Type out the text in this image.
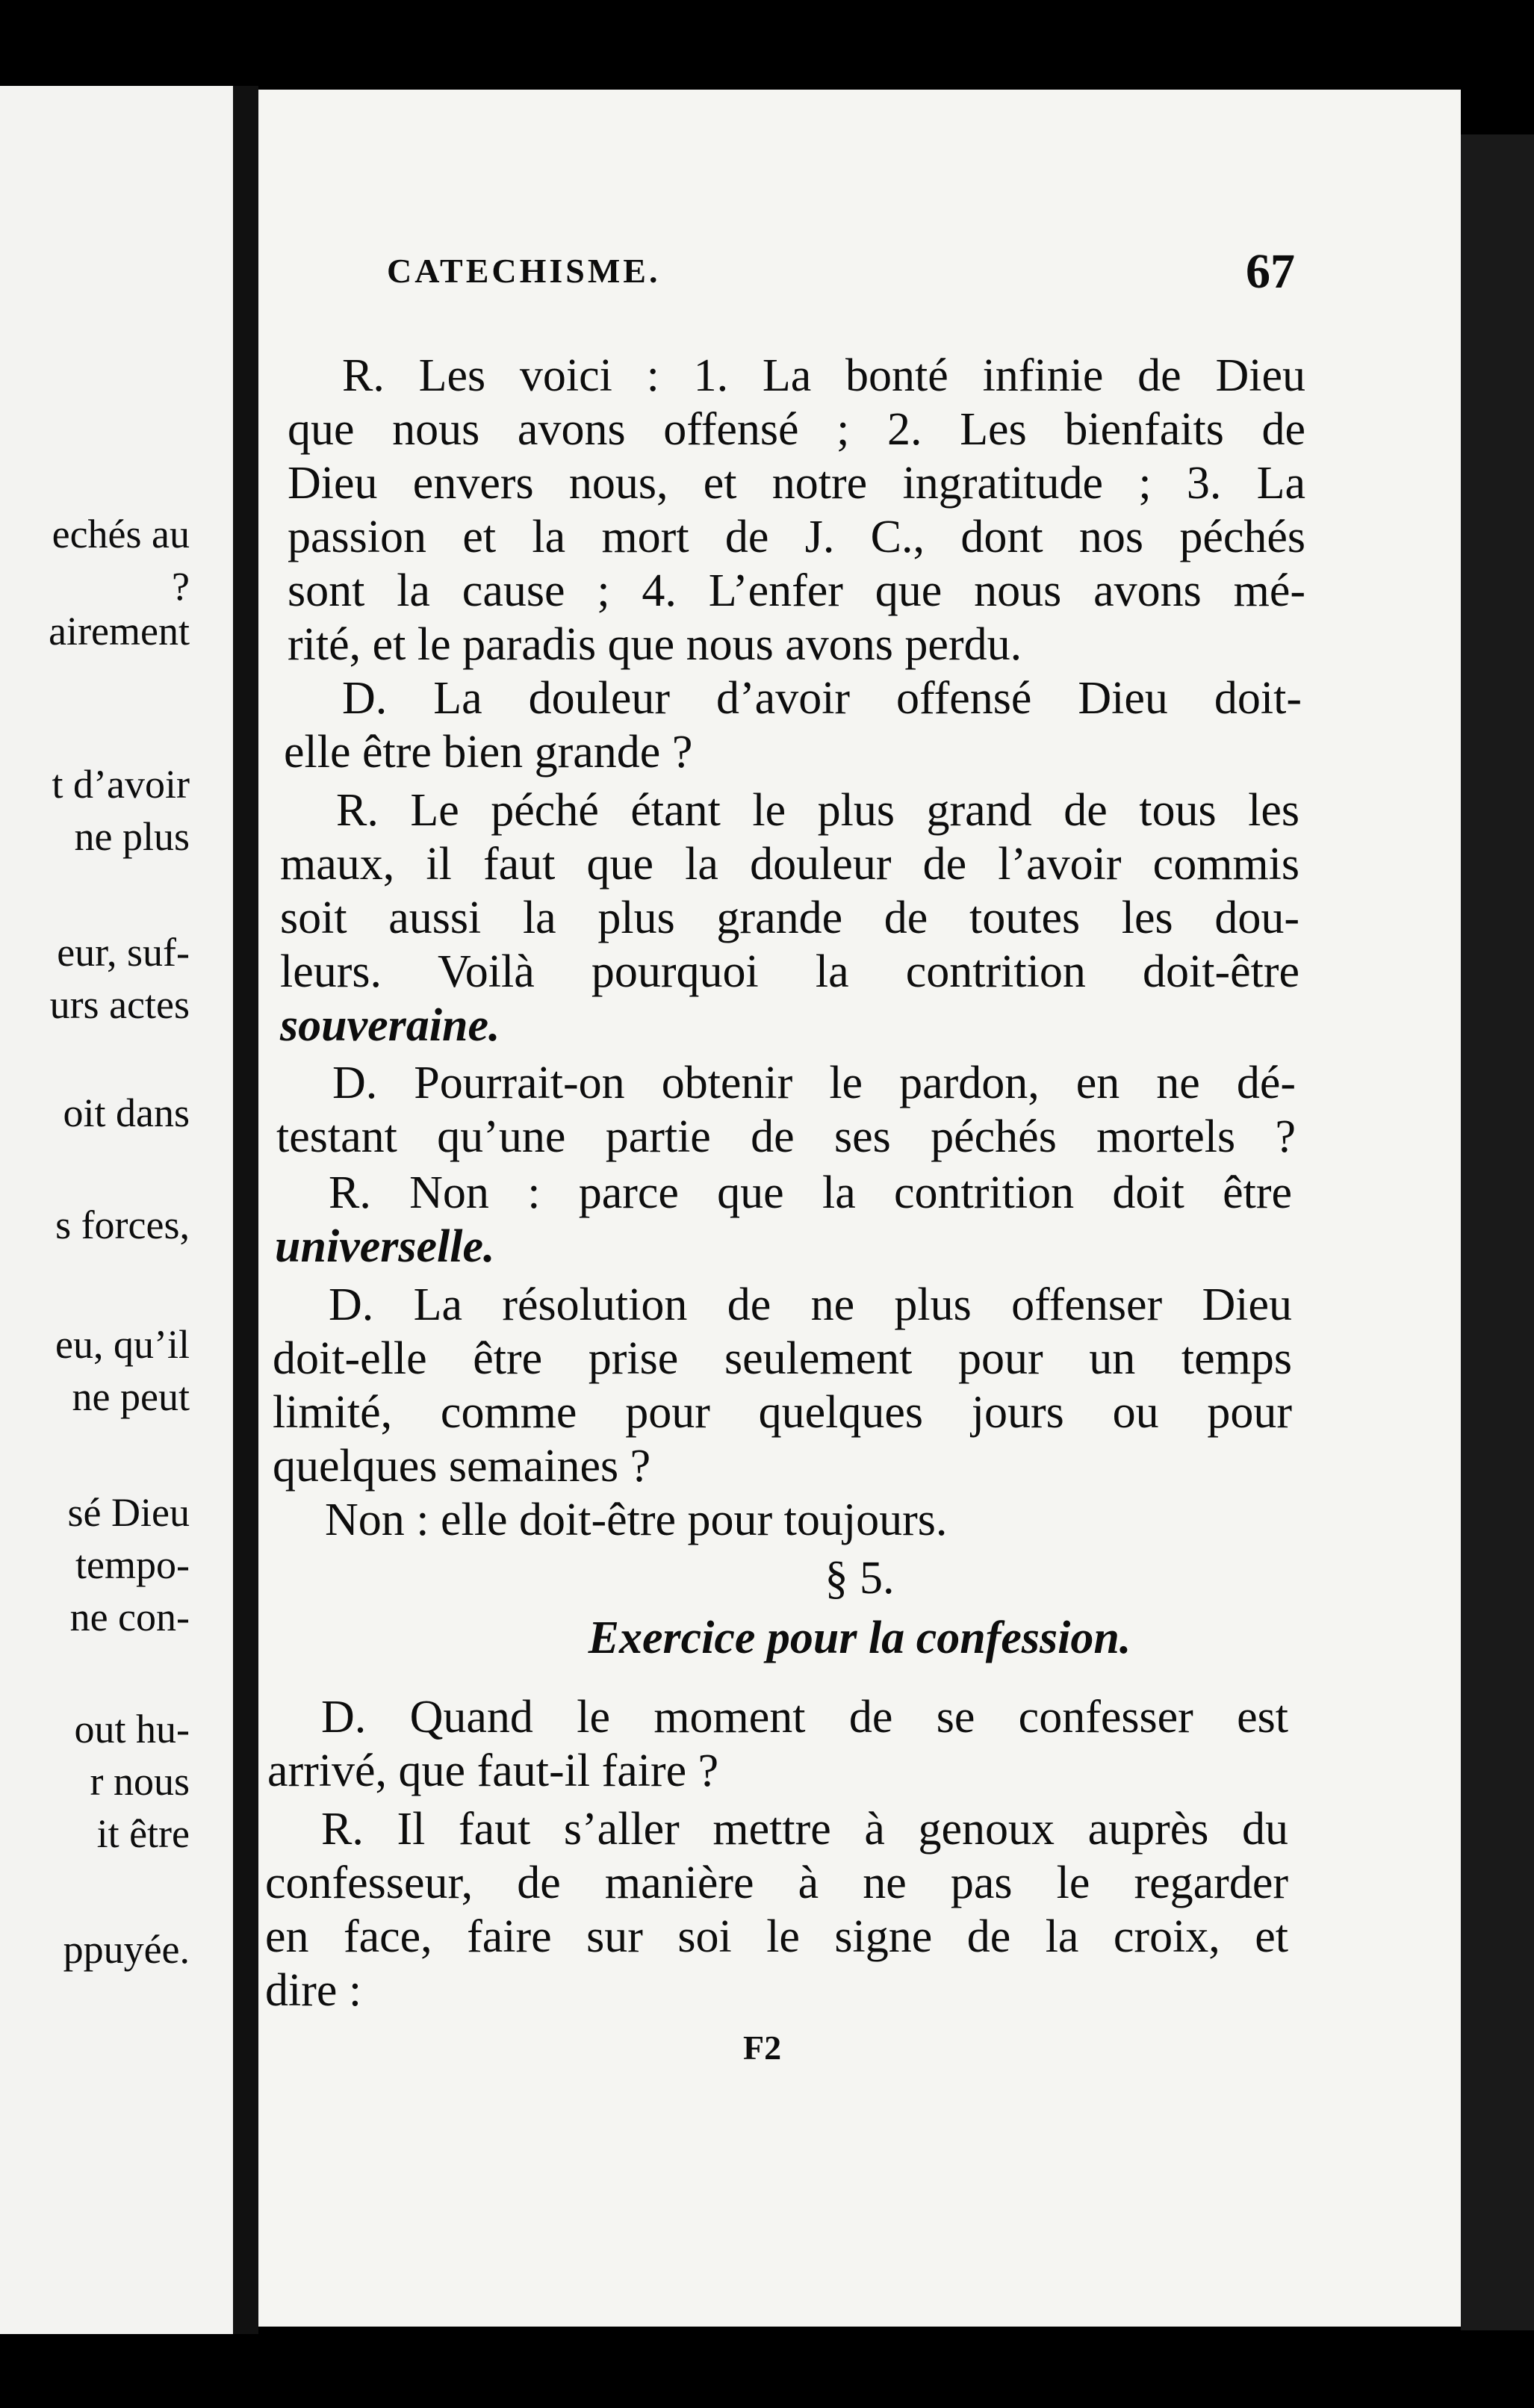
echés au
?
airement
t d’avoir
ne plus
eur, suf-
urs actes
oit dans
s forces,
eu, qu’il
ne peut
sé Dieu
tempo-
ne con-
out hu-
r nous
it être
ppuyée.
CATECHISME.	67
R. Les voici : 1. La bonté infinie de Dieu
que nous avons offensé ; 2. Les bienfaits de
Dieu envers nous, et notre ingratitude ; 3. La
passion et la mort de J. C., dont nos péchés
sont la cause ; 4. L’enfer que nous avons mé-
rité, et le paradis que nous avons perdu.
D. La douleur d’avoir offensé Dieu doit-
elle être bien grande ?
R. Le péché étant le plus grand de tous les
maux, il faut que la douleur de l’avoir commis
soit aussi la plus grande de toutes les dou-
leurs. Voilà pourquoi la contrition doit-être
souveraine.
D. Pourrait-on obtenir le pardon, en ne dé-
testant qu’une partie de ses péchés mortels ?
R. Non : parce que la contrition doit être
universelle.
D. La résolution de ne plus offenser Dieu
doit-elle être prise seulement pour un temps
limité, comme pour quelques jours ou pour
quelques semaines ?
Non : elle doit-être pour toujours.
§ 5.
Exercice pour la confession.
D. Quand le moment de se confesser est
arrivé, que faut-il faire ?
R. Il faut s’aller mettre à genoux auprès du
confesseur, de manière à ne pas le regarder
en face, faire sur soi le signe de la croix, et
dire :
F2
